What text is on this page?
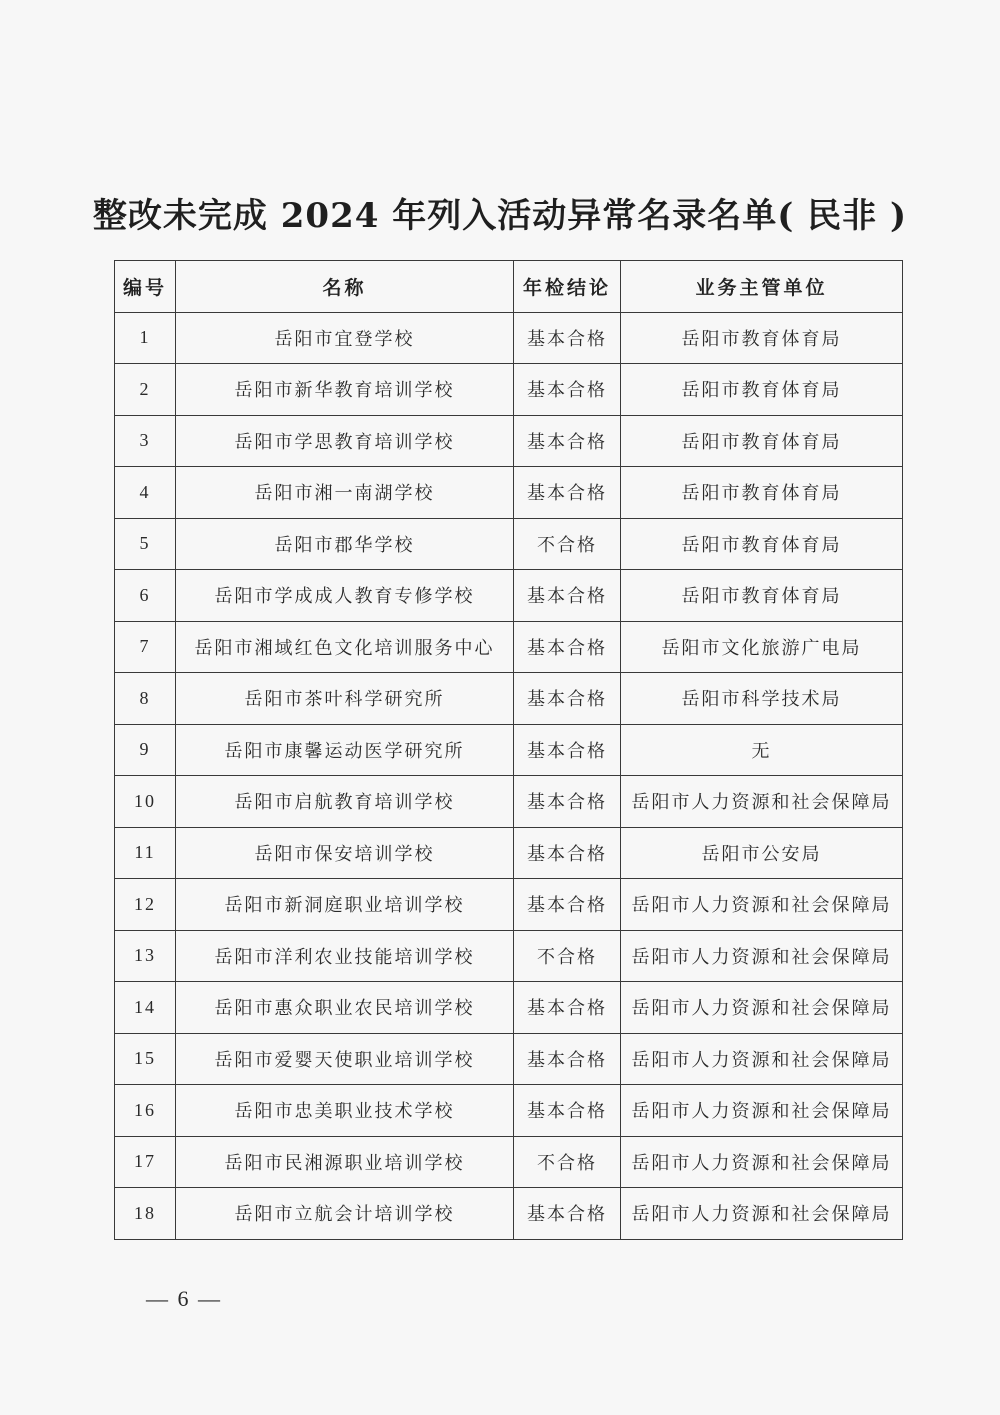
整改未完成 2024 年列入活动异常名录名单( 民非 )
编号	名称	年检结论	业务主管单位
1	岳阳市宜登学校	基本合格	岳阳市教育体育局
2	岳阳市新华教育培训学校	基本合格	岳阳市教育体育局
3	岳阳市学思教育培训学校	基本合格	岳阳市教育体育局
4	岳阳市湘一南湖学校	基本合格	岳阳市教育体育局
5	岳阳市郡华学校	不合格	岳阳市教育体育局
6	岳阳市学成成人教育专修学校	基本合格	岳阳市教育体育局
7	岳阳市湘域红色文化培训服务中心	基本合格	岳阳市文化旅游广电局
8	岳阳市茶叶科学研究所	基本合格	岳阳市科学技术局
9	岳阳市康馨运动医学研究所	基本合格	无
10	岳阳市启航教育培训学校	基本合格	岳阳市人力资源和社会保障局
11	岳阳市保安培训学校	基本合格	岳阳市公安局
12	岳阳市新洞庭职业培训学校	基本合格	岳阳市人力资源和社会保障局
13	岳阳市洋利农业技能培训学校	不合格	岳阳市人力资源和社会保障局
14	岳阳市惠众职业农民培训学校	基本合格	岳阳市人力资源和社会保障局
15	岳阳市爱婴天使职业培训学校	基本合格	岳阳市人力资源和社会保障局
16	岳阳市忠美职业技术学校	基本合格	岳阳市人力资源和社会保障局
17	岳阳市民湘源职业培训学校	不合格	岳阳市人力资源和社会保障局
18	岳阳市立航会计培训学校	基本合格	岳阳市人力资源和社会保障局
— 6 —
